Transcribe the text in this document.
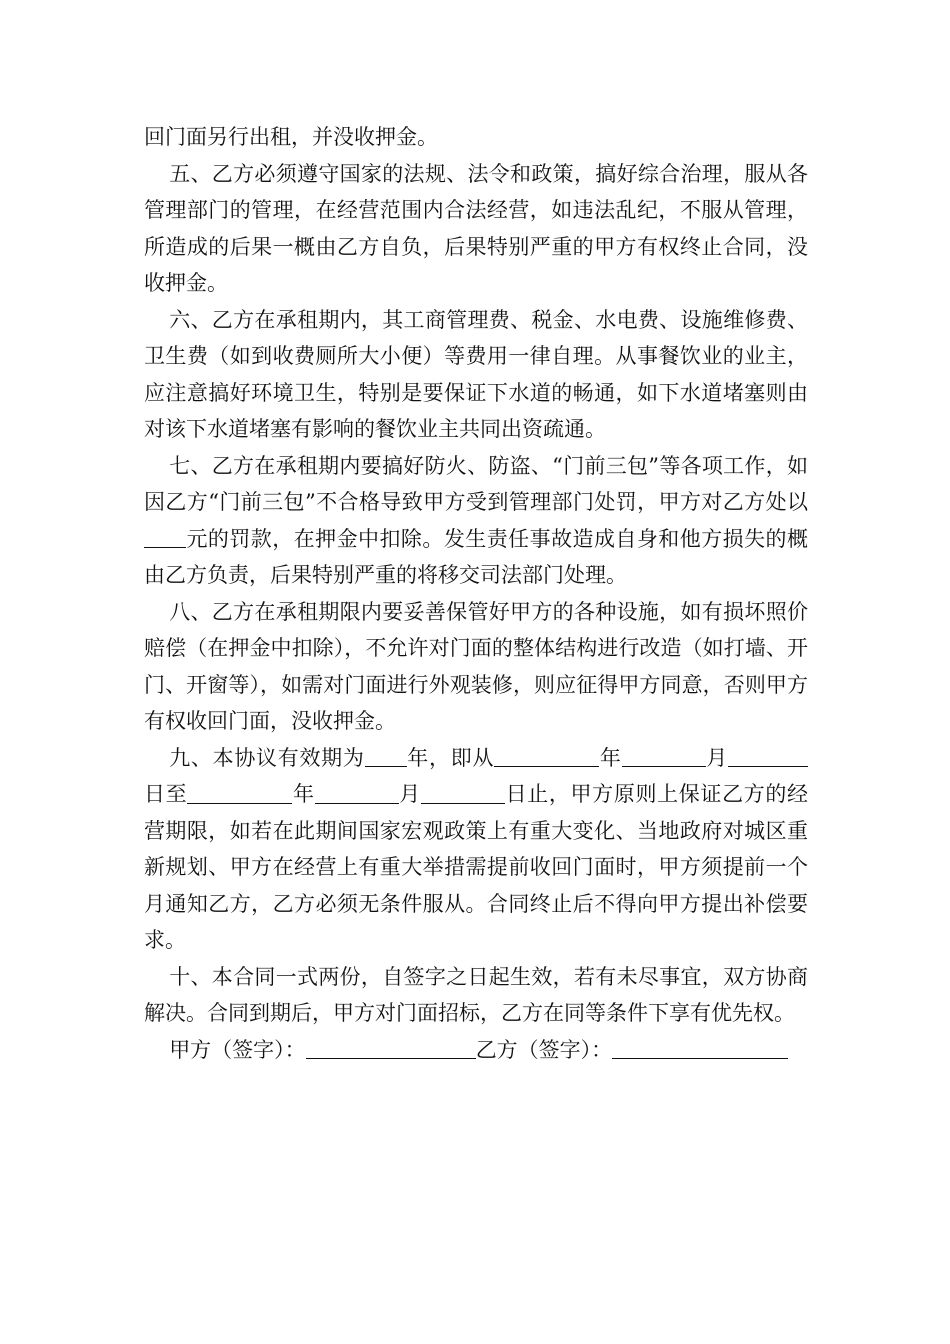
回门面另行出租，并没收押金。

五、乙方必须遵守国家的法规、法令和政策，搞好综合治理，服从各管理部门的管理，在经营范围内合法经营，如违法乱纪，不服从管理，所造成的后果一概由乙方自负，后果特别严重的甲方有权终止合同，没收押金。

六、乙方在承租期内，其工商管理费、税金、水电费、设施维修费、卫生费（如到收费厕所大小便）等费用一律自理。从事餐饮业的业主，应注意搞好环境卫生，特别是要保证下水道的畅通，如下水道堵塞则由对该下水道堵塞有影响的餐饮业主共同出资疏通。

七、乙方在承租期内要搞好防火、防盗、“门前三包”等各项工作，如因乙方“门前三包”不合格导致甲方受到管理部门处罚，甲方对乙方处以元的罚款，在押金中扣除。发生责任事故造成自身和他方损失的概由乙方负责，后果特别严重的将移交司法部门处理。

八、乙方在承租期限内要妥善保管好甲方的各种设施，如有损坏照价赔偿（在押金中扣除），不允许对门面的整体结构进行改造（如打墙、开门、开窗等），如需对门面进行外观装修，则应征得甲方同意，否则甲方有权收回门面，没收押金。

九、本协议有效期为 年，即从	年	月日至	年	月	日止，甲方原则上保证乙方的经营期限，如若在此期间国家宏观政策上有重大变化、当地政府对城区重新规划、甲方在经营上有重大举措需提前收回门面时，甲方须提前一个月通知乙方，乙方必须无条件服从。合同终止后不得向甲方提出补偿要求。

十、本合同一式两份，自签字之日起生效，若有未尽事宜，双方协商解决。合同到期后，甲方对门面招标，乙方在同等条件下享有优先权。

甲方（签字）：	乙方（签字）：
